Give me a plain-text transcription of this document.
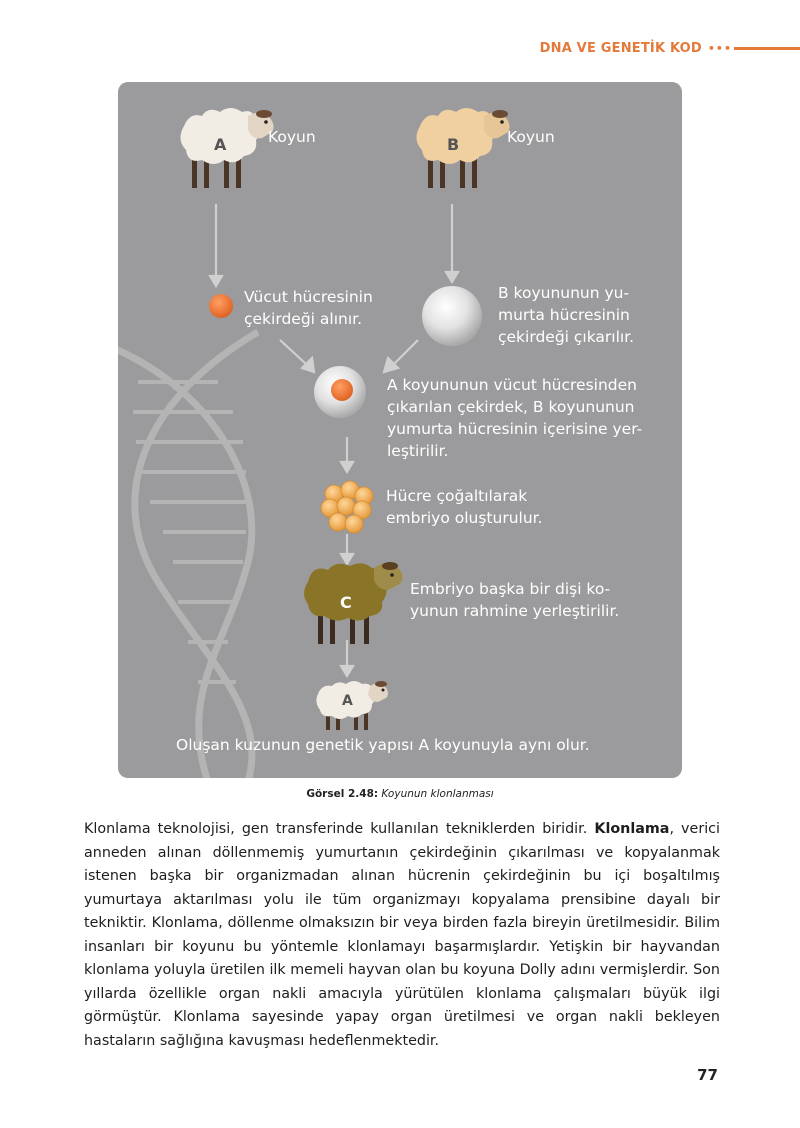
DNA VE GENETİK KOD •••
A	Koyun	B	Koyun
Vücut hücresinin
çekirdeği alınır.
B koyununun yu-
murta hücresinin
çekirdeği çıkarılır.
A koyununun vücut hücresinden
çıkarılan çekirdek, B koyununun
yumurta hücresinin içerisine yer-
leştirilir.
Hücre çoğaltılarak
embriyo oluşturulur.
C
Embriyo başka bir dişi ko-
yunun rahmine yerleştirilir.
A
Oluşan kuzunun genetik yapısı A koyunuyla aynı olur.
Görsel 2.48: Koyunun klonlanması

Klonlama teknolojisi, gen transferinde kullanılan tekniklerden biridir. Klonlama, verici anneden alınan döllenmemiş yumurtanın çekirdeğinin çıkarılması ve kopyalanmak istenen başka bir organizmadan alınan hücrenin çekirdeğinin bu içi boşaltılmış yumurtaya aktarılması yolu ile tüm organizmayı kopyalama prensibine dayalı bir tekniktir. Klonlama, döllenme olmaksızın bir veya birden fazla bireyin üretilmesidir. Bilim insanları bir koyunu bu yöntemle klonlamayı başarmışlardır. Yetişkin bir hayvandan klonlama yoluyla üretilen ilk memeli hayvan olan bu koyuna Dolly adını vermişlerdir. Son yıllarda özellikle organ nakli amacıyla yürütülen klonlama çalışmaları büyük ilgi görmüştür. Klonlama sayesinde yapay organ üretilmesi ve organ nakli bekleyen hastaların sağlığına kavuşması hedeflenmektedir.

77
